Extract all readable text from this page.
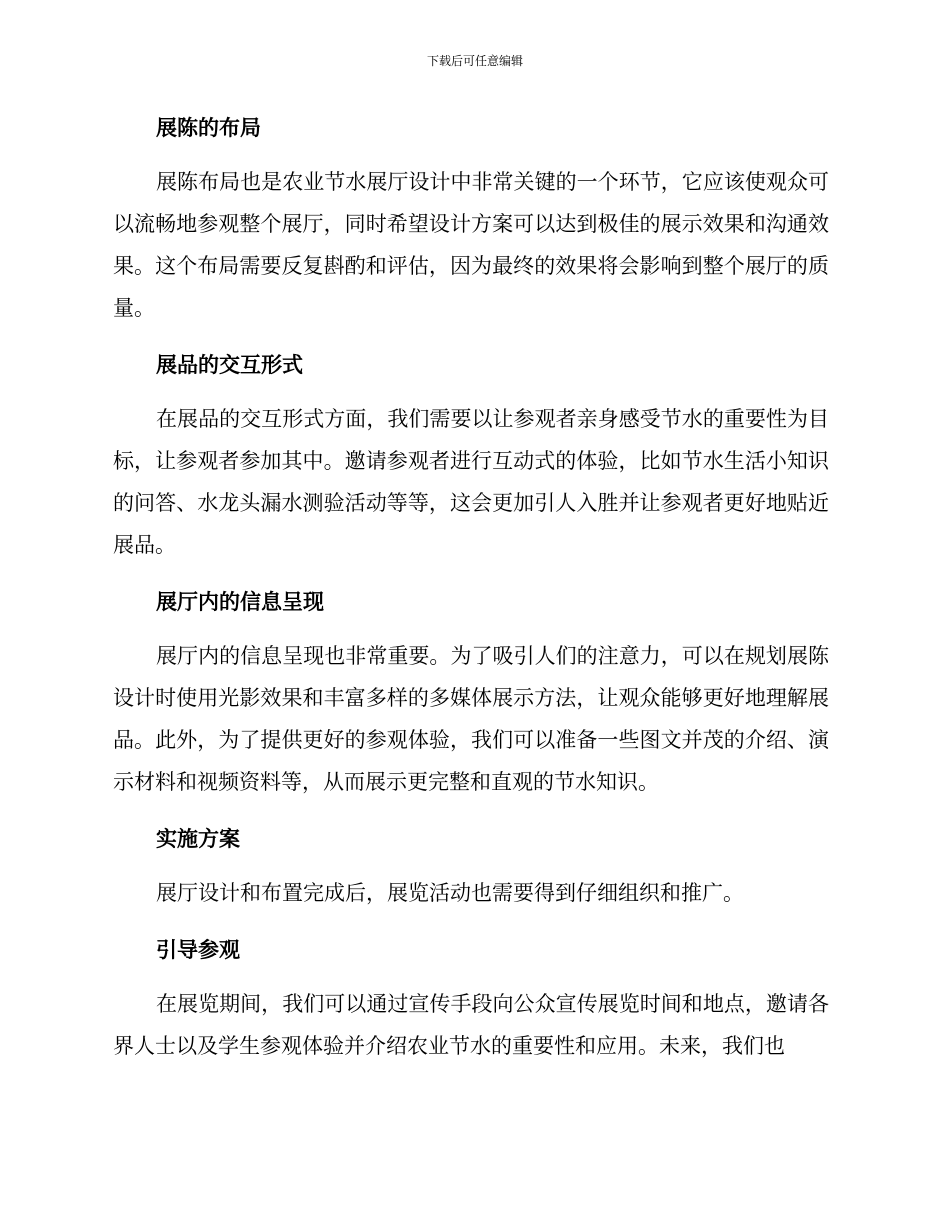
下载后可任意编辑
展陈的布局

展陈布局也是农业节水展厅设计中非常关键的一个环节，它应该使观众可以流畅地参观整个展厅，同时希望设计方案可以达到极佳的展示效果和沟通效果。这个布局需要反复斟酌和评估，因为最终的效果将会影响到整个展厅的质量。

展品的交互形式

在展品的交互形式方面，我们需要以让参观者亲身感受节水的重要性为目标，让参观者参加其中。邀请参观者进行互动式的体验，比如节水生活小知识的问答、水龙头漏水测验活动等等，这会更加引人入胜并让参观者更好地贴近展品。

展厅内的信息呈现

展厅内的信息呈现也非常重要。为了吸引人们的注意力，可以在规划展陈设计时使用光影效果和丰富多样的多媒体展示方法，让观众能够更好地理解展品。此外，为了提供更好的参观体验，我们可以准备一些图文并茂的介绍、演示材料和视频资料等，从而展示更完整和直观的节水知识。

实施方案

展厅设计和布置完成后，展览活动也需要得到仔细组织和推广。

引导参观

在展览期间，我们可以通过宣传手段向公众宣传展览时间和地点，邀请各界人士以及学生参观体验并介绍农业节水的重要性和应用。未来，我们也
